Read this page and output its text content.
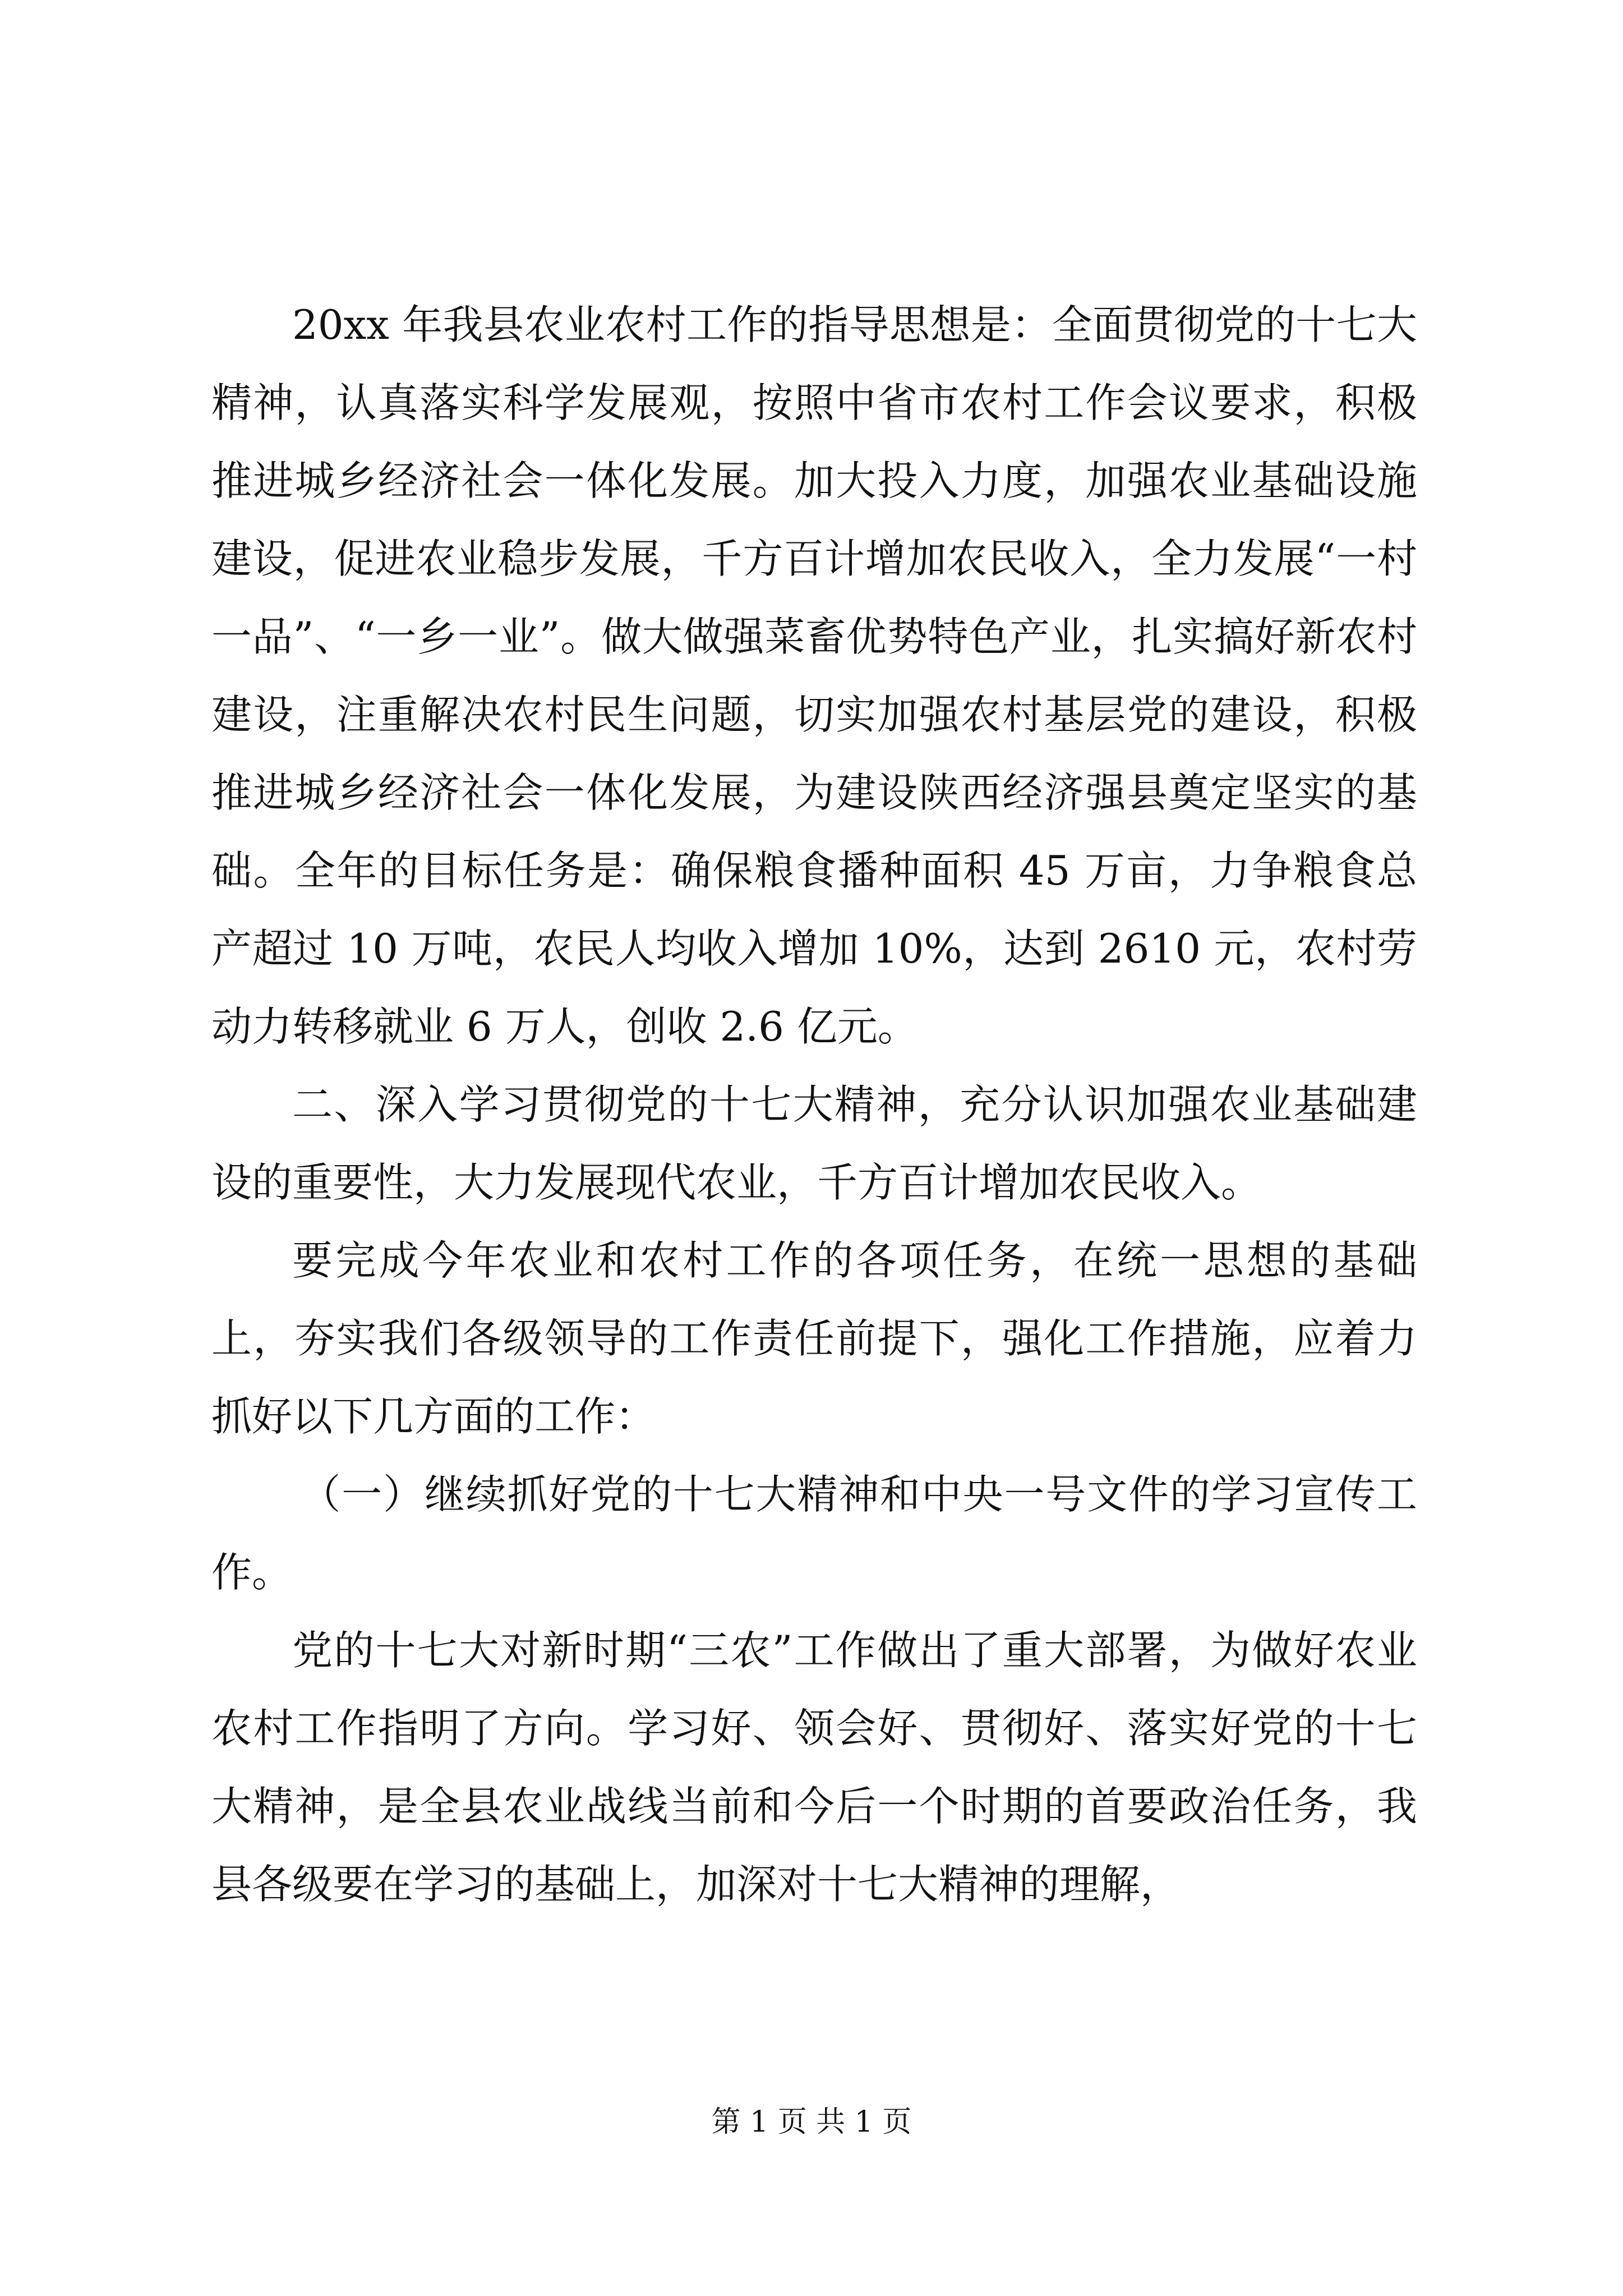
20xx 年我县农业农村工作的指导思想是：全面贯彻党的十七大精神，认真落实科学发展观，按照中省市农村工作会议要求，积极推进城乡经济社会一体化发展。加大投入力度，加强农业基础设施建设，促进农业稳步发展，千方百计增加农民收入，全力发展“一村一品”、“一乡一业”。做大做强菜畜优势特色产业，扎实搞好新农村建设，注重解决农村民生问题，切实加强农村基层党的建设，积极推进城乡经济社会一体化发展，为建设陕西经济强县奠定坚实的基础。全年的目标任务是：确保粮食播种面积 45 万亩，力争粮食总产超过 10 万吨，农民人均收入增加 10%，达到 2610 元，农村劳动力转移就业 6 万人，创收 2.6 亿元。

二、深入学习贯彻党的十七大精神，充分认识加强农业基础建设的重要性，大力发展现代农业，千方百计增加农民收入。

要完成今年农业和农村工作的各项任务，在统一思想的基础上，夯实我们各级领导的工作责任前提下，强化工作措施，应着力抓好以下几方面的工作：

（一）继续抓好党的十七大精神和中央一号文件的学习宣传工作。

党的十七大对新时期“三农”工作做出了重大部署，为做好农业农村工作指明了方向。学习好、领会好、贯彻好、落实好党的十七大精神，是全县农业战线当前和今后一个时期的首要政治任务，我县各级要在学习的基础上，加深对十七大精神的理解，

第 1 页 共 1 页
